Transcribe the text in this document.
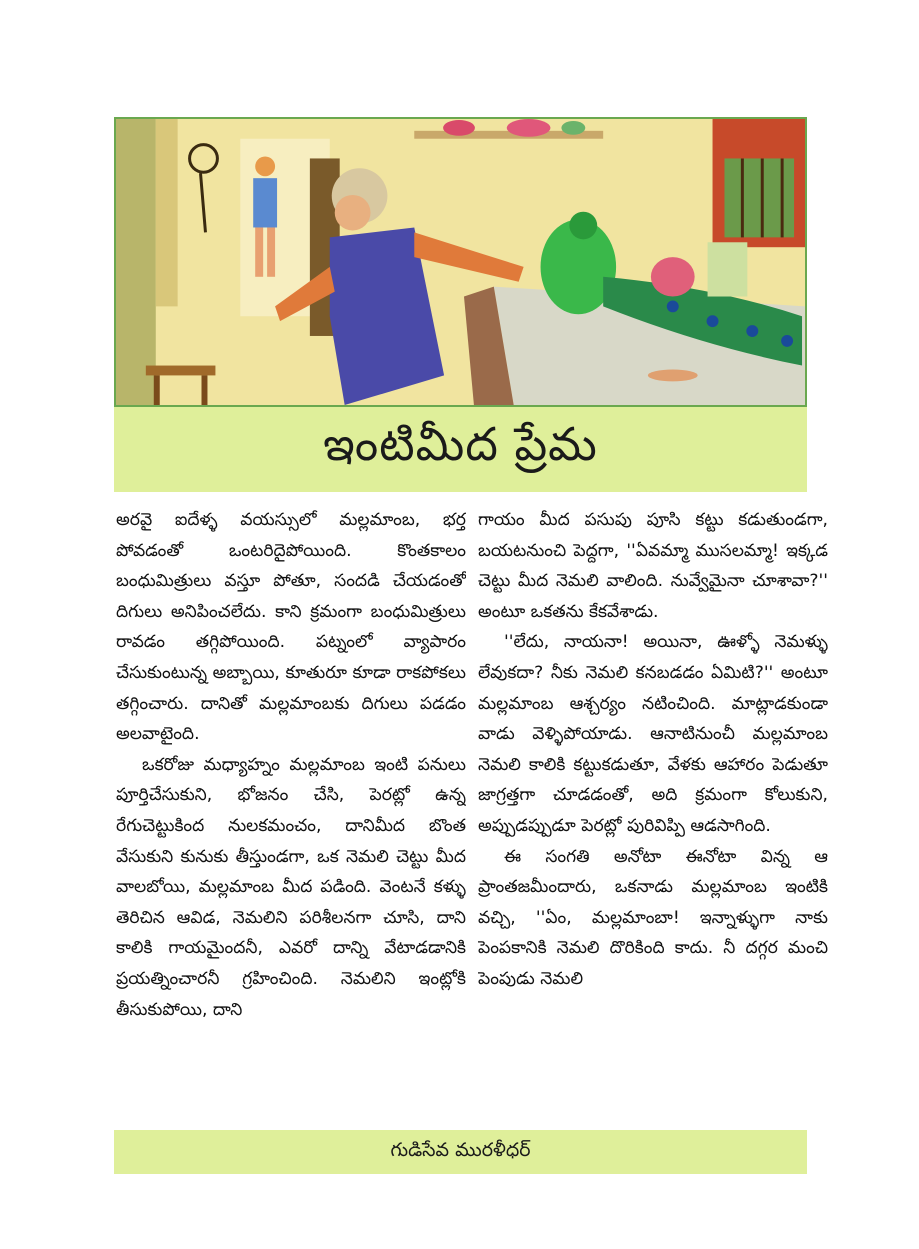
ఇంటిమీద ప్రేమ

అరవై ఐదేళ్ళ వయస్సులో మల్లమాంబ, భర్త పోవడంతో ఒంటరిదైపోయింది. కొంతకాలం బంధుమిత్రులు వస్తూ పోతూ, సందడి చేయడంతో దిగులు అనిపించలేదు. కాని క్రమంగా బంధుమిత్రులు రావడం తగ్గిపోయింది. పట్నంలో వ్యాపారం చేసుకుంటున్న అబ్బాయి, కూతురూ కూడా రాకపోకలు తగ్గించారు. దానితో మల్లమాంబకు దిగులు పడడం అలవాటైంది.

ఒకరోజు మధ్యాహ్నం మల్లమాంబ ఇంటి పనులు పూర్తిచేసుకుని, భోజనం చేసి, పెరట్లో ఉన్న రేగుచెట్టుకింద నులకమంచం, దానిమీద బొంత వేసుకుని కునుకు తీస్తుండగా, ఒక నెమలి చెట్టు మీద వాలబోయి, మల్లమాంబ మీద పడింది. వెంటనే కళ్ళు తెరిచిన ఆవిడ, నెమలిని పరిశీలనగా చూసి, దాని కాలికి గాయమైందనీ, ఎవరో దాన్ని వేటాడడానికి ప్రయత్నించారనీ గ్రహించింది. నెమలిని ఇంట్లోకి తీసుకుపోయి, దాని

గాయం మీద పసుపు పూసి కట్టు కడుతుండగా, బయటనుంచి పెద్దగా, ''ఏవమ్మా ముసలమ్మా! ఇక్కడ చెట్టు మీద నెమలి వాలింది. నువ్వేమైనా చూశావా?'' అంటూ ఒకతను కేకవేశాడు.

''లేదు, నాయనా! అయినా, ఊళ్ళో నెమళ్ళు లేవుకదా? నీకు నెమలి కనబడడం ఏమిటి?'' అంటూ మల్లమాంబ ఆశ్చర్యం నటించింది. మాట్లాడకుండా వాడు వెళ్ళిపోయాడు. ఆనాటినుంచీ మల్లమాంబ నెమలి కాలికి కట్టుకడుతూ, వేళకు ఆహారం పెడుతూ జాగ్రత్తగా చూడడంతో, అది క్రమంగా కోలుకుని, అప్పుడప్పుడూ పెరట్లో పురివిప్పి ఆడసాగింది.

ఈ సంగతి అనోటా ఈనోటా విన్న ఆ ప్రాంతజమీందారు, ఒకనాడు మల్లమాంబ ఇంటికి వచ్చి, ''ఏం, మల్లమాంబా! ఇన్నాళ్ళుగా నాకు పెంపకానికి నెమలి దొరికింది కాదు. నీ దగ్గర మంచి పెంపుడు నెమలి

గుడిసేవ మురళీధర్
